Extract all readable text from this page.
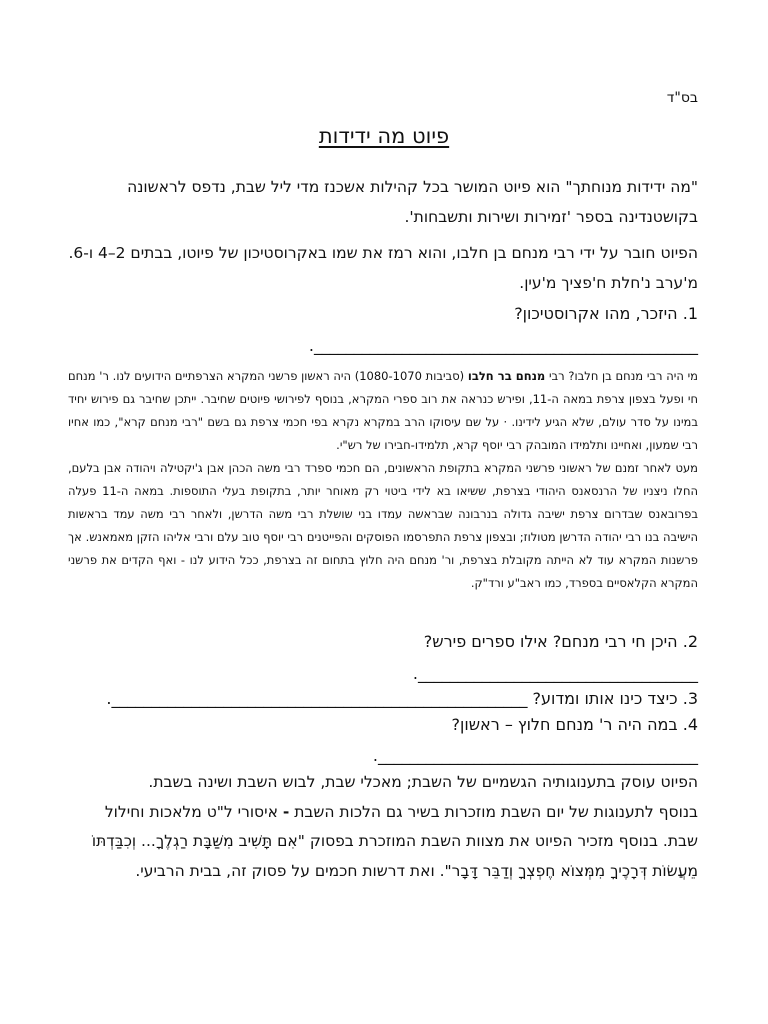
בס"ד
פיוט מה ידידות

"מה ידידות מנוחתך" הוא פיוט המושר בכל קהילות אשכנז מדי ליל שבת, נדפס לראשונה בקושטנדינה בספר 'זמירות ושירות ותשבחות'.

הפיוט חובר על ידי רבי מנחם בן חלבו, והוא רמז את שמו באקרוסטיכון של פיוטו, בבתים 2–4 ו-6. מ'ערב נ'חלת ח'פציך מ'עין.

1. היזכר, מהו אקרוסטיכון?
________________________________________________.

מי היה רבי מנחם בן חלבו? רבי מנחם בר חלבו (סביבות 1080-1070) היה ראשון פרשני המקרא הצרפתיים הידועים לנו. ר' מנחם חי ופעל בצפון צרפת במאה ה-11, ופירש כנראה את רוב ספרי המקרא, בנוסף לפירושי פיוטים שחיבר. ייתכן שחיבר גם פירוש יחיד במינו על סדר עולם, שלא הגיע לידינו. · על שם עיסוקו הרב במקרא נקרא בפי חכמי צרפת גם בשם "רבי מנחם קרא", כמו אחיו רבי שמעון, ואחיינו ותלמידו המובהק רבי יוסף קרא, תלמידו-חבירו של רש"י.

מעט לאחר זמנם של ראשוני פרשני המקרא בתקופת הראשונים, הם חכמי ספרד רבי משה הכהן אבן ג'יקטילה ויהודה אבן בלעם, החלו ניצניו של הרנסאנס היהודי בצרפת, ששיאו בא לידי ביטוי רק מאוחר יותר, בתקופת בעלי התוספות. במאה ה-11 פעלה בפרובאנס שבדרום צרפת ישיבה גדולה בנרבונה שבראשה עמדו בני שושלת רבי משה הדרשן, ולאחר רבי משה עמד בראשות הישיבה בנו רבי יהודה הדרשן מטולוז; ובצפון צרפת התפרסמו הפוסקים והפייטנים רבי יוסף טוב עלם ורבי אליהו הזקן מאמאנש. אך פרשנות המקרא עוד לא הייתה מקובלת בצרפת, ור' מנחם היה חלוץ בתחום זה בצרפת, ככל הידוע לנו - ואף הקדים את פרשני המקרא הקלאסיים בספרד, כמו ראב"ע ורד"ק.

2. היכן חי רבי מנחם? אילו ספרים פירש?
___________________________________.
3. כיצד כינו אותו ומדוע? ____________________________________________________.
4. במה היה ר' מנחם חלוץ – ראשון?
________________________________________.

הפיוט עוסק בתענוגותיה הגשמיים של השבת; מאכלי שבת, לבוש השבת ושינה בשבת.

בנוסף לתענוגות של יום השבת מוזכרות בשיר גם הלכות השבת - איסורי ל"ט מלאכות וחילול שבת. בנוסף מזכיר הפיוט את מצוות השבת המוזכרת בפסוק "אִם תָּשִׁיב מִשַּׁבָּת רַגְלֶךָ... וְכִבַּדְתּוֹ מֵעֲשׂוֹת דְּרָכֶיךָ מִמְּצוֹא חֶפְצְךָ וְדַבֵּר דָּבָר". ואת דרשות חכמים על פסוק זה, בבית הרביעי.
